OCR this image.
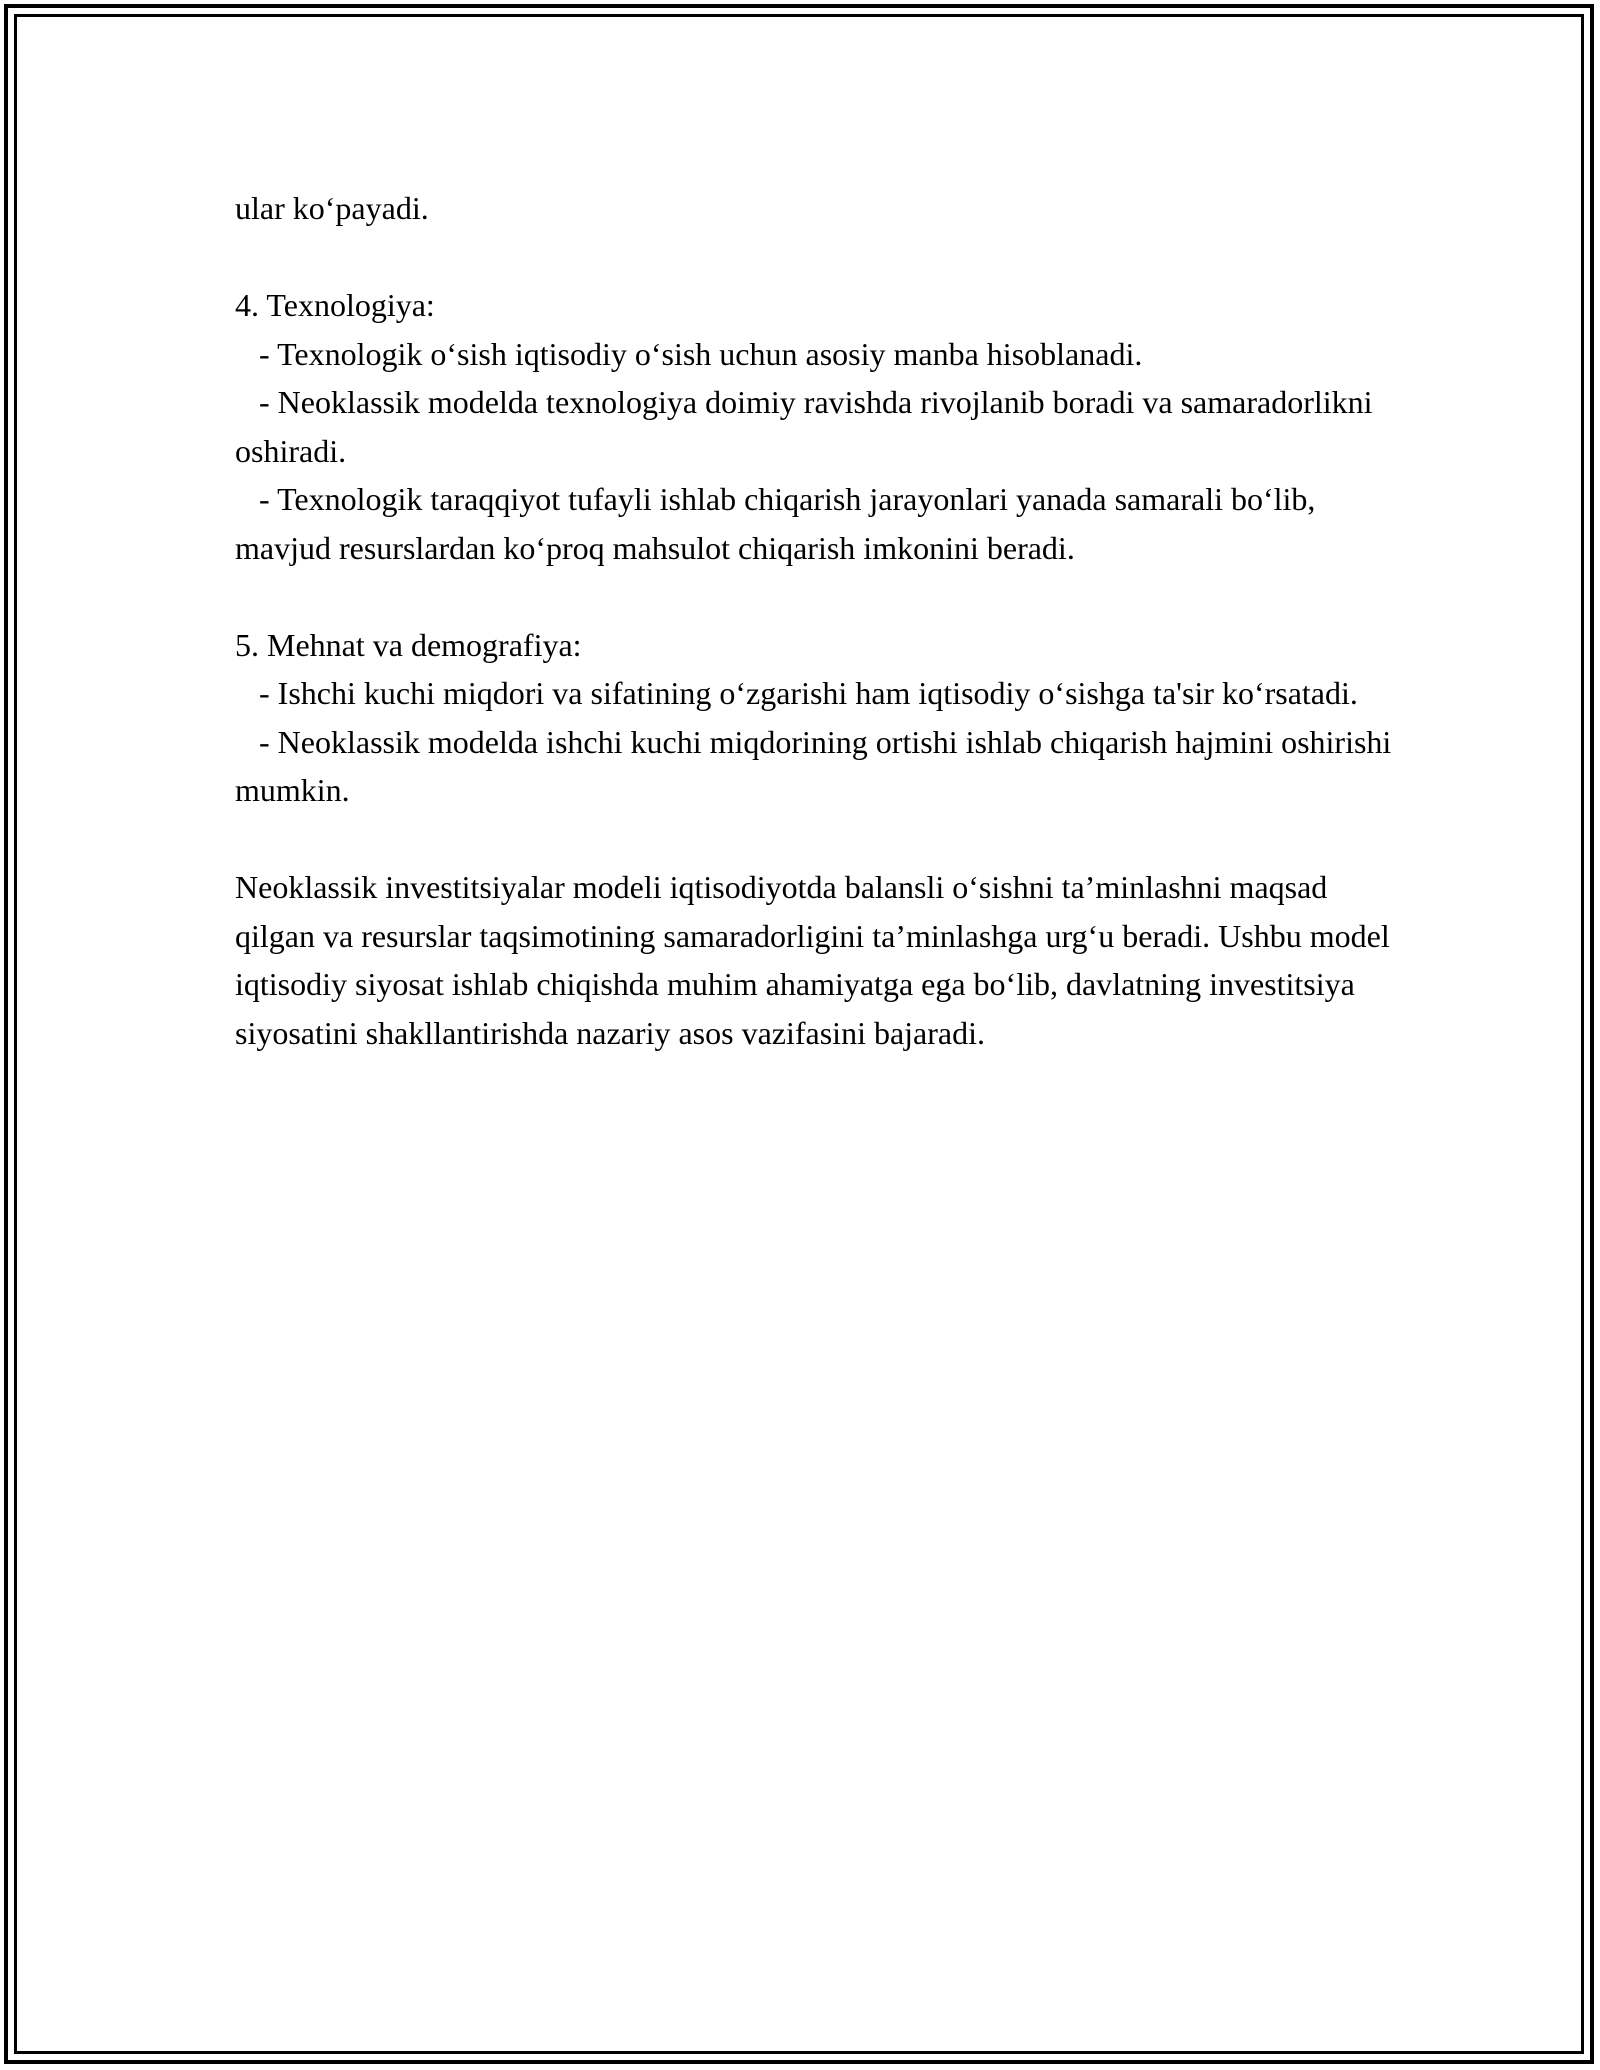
ular koʻpayadi.

4. Texnologiya:

- Texnologik oʻsish iqtisodiy oʻsish uchun asosiy manba hisoblanadi.

- Neoklassik modelda texnologiya doimiy ravishda rivojlanib boradi va samaradorlikni oshiradi.

- Texnologik taraqqiyot tufayli ishlab chiqarish jarayonlari yanada samarali boʻlib, mavjud resurslardan koʻproq mahsulot chiqarish imkonini beradi.

5. Mehnat va demografiya:

- Ishchi kuchi miqdori va sifatining oʻzgarishi ham iqtisodiy oʻsishga ta'sir koʻrsatadi.

- Neoklassik modelda ishchi kuchi miqdorining ortishi ishlab chiqarish hajmini oshirishi mumkin.

Neoklassik investitsiyalar modeli iqtisodiyotda balansli oʻsishni ta’minlashni maqsad qilgan va resurslar taqsimotining samaradorligini ta’minlashga urgʻu beradi. Ushbu model iqtisodiy siyosat ishlab chiqishda muhim ahamiyatga ega boʻlib, davlatning investitsiya siyosatini shakllantirishda nazariy asos vazifasini bajaradi.
